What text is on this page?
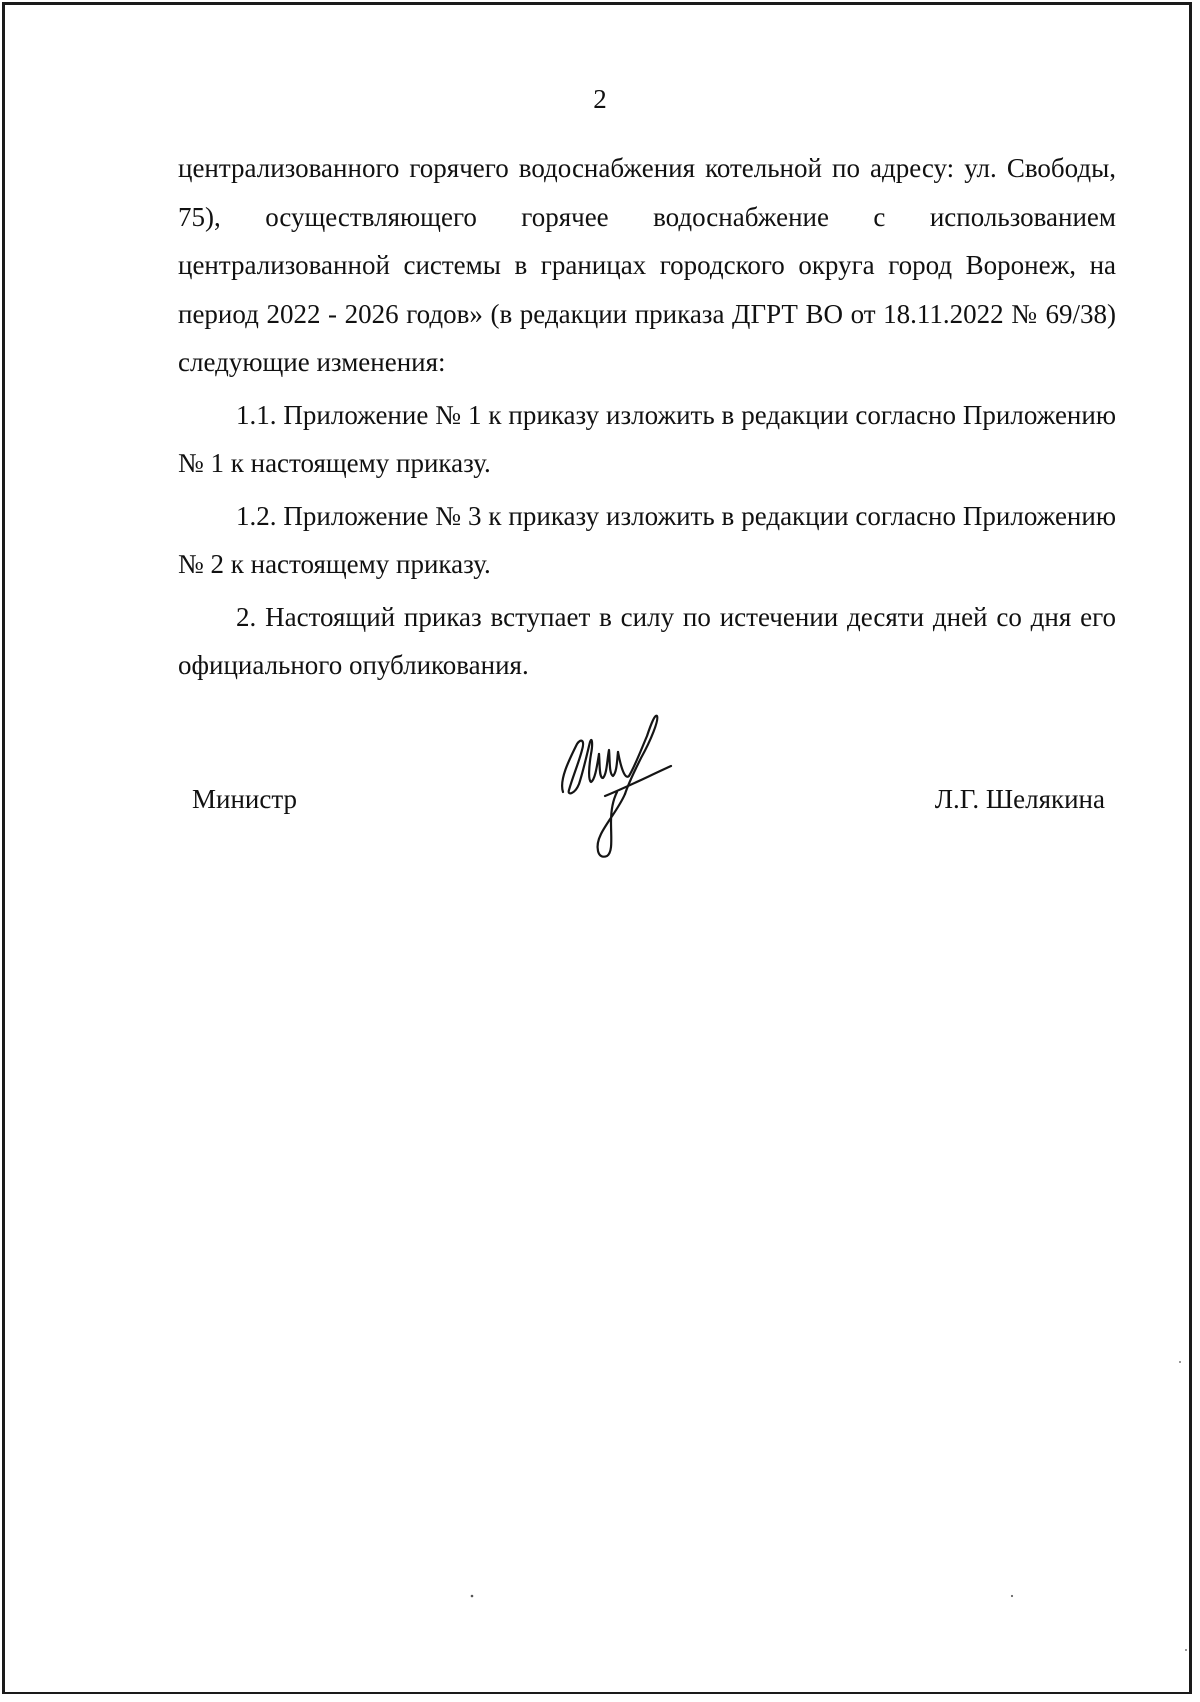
2

централизованного горячего водоснабжения котельной по адресу: ул. Свободы, 75), осуществляющего горячее водоснабжение с использованием централизованной системы в границах городского округа город Воронеж, на период 2022 - 2026 годов» (в редакции приказа ДГРТ ВО от 18.11.2022 № 69/38) следующие изменения:

1.1. Приложение № 1 к приказу изложить в редакции согласно Приложению № 1 к настоящему приказу.

1.2. Приложение № 3 к приказу изложить в редакции согласно Приложению № 2 к настоящему приказу.

2. Настоящий приказ вступает в силу по истечении десяти дней со дня его официального опубликования.

Министр	Л.Г. Шелякина
